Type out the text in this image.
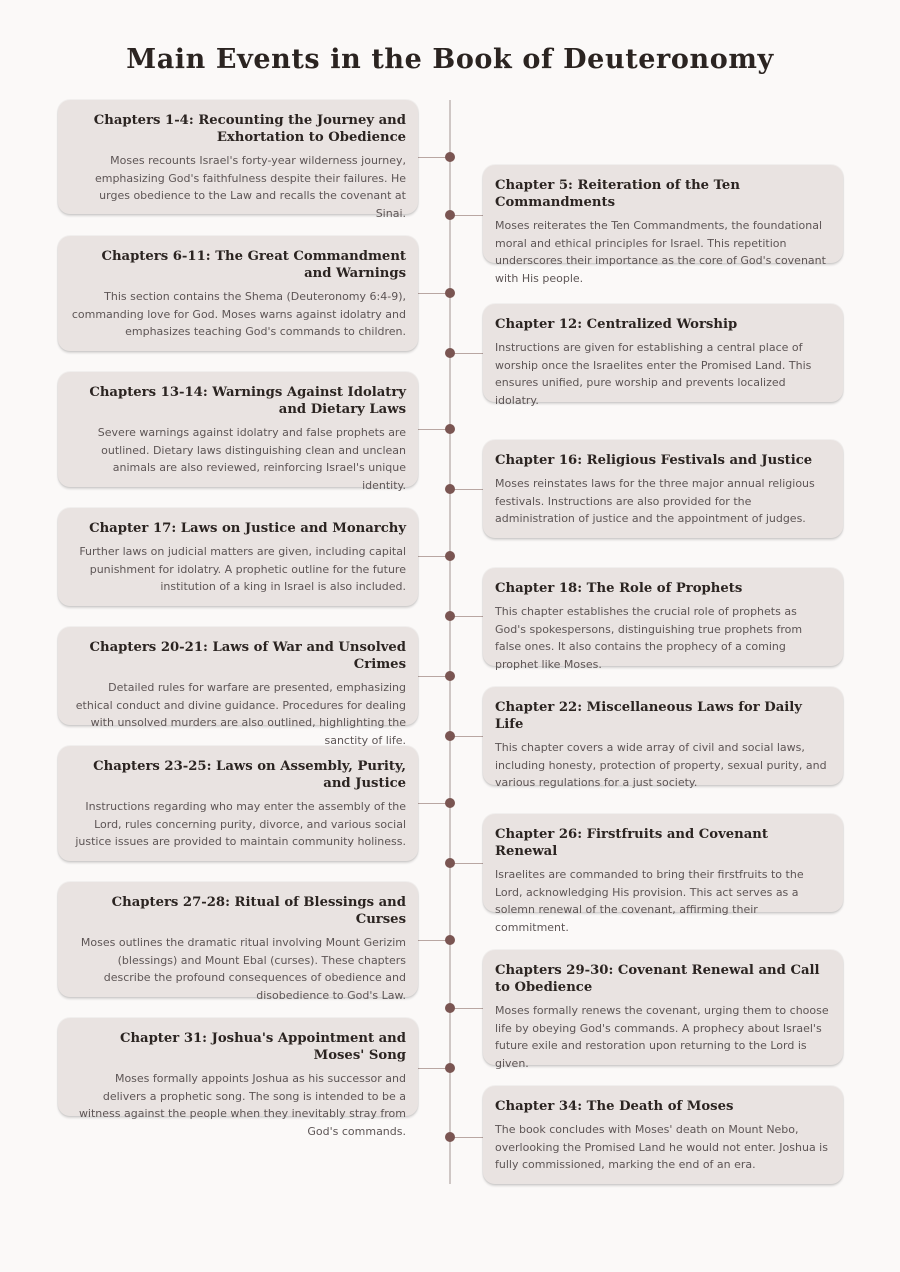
Main Events in the Book of Deuteronomy
Chapters 1-4: Recounting the Journey and Exhortation to Obedience

Moses recounts Israel's forty-year wilderness journey, emphasizing God's faithfulness despite their failures. He urges obedience to the Law and recalls the covenant at Sinai.

Chapter 5: Reiteration of the Ten Commandments

Moses reiterates the Ten Commandments, the foundational moral and ethical principles for Israel. This repetition underscores their importance as the core of God's covenant with His people.

Chapters 6-11: The Great Commandment and Warnings

This section contains the Shema (Deuteronomy 6:4-9), commanding love for God. Moses warns against idolatry and emphasizes teaching God's commands to children.	Chapter 12: Centralized Worship

Instructions are given for establishing a central place of worship once the Israelites enter the Promised Land. This ensures unified, pure worship and prevents localized idolatry.

Chapters 13-14: Warnings Against Idolatry and Dietary Laws

Severe warnings against idolatry and false prophets are outlined. Dietary laws distinguishing clean and unclean animals are also reviewed, reinforcing Israel's unique identity.

Chapter 16: Religious Festivals and Justice

Moses reinstates laws for the three major annual religious festivals. Instructions are also provided for the administration of justice and the appointment of judges.

Chapter 17: Laws on Justice and Monarchy

Further laws on judicial matters are given, including capital punishment for idolatry. A prophetic outline for the future institution of a king in Israel is also included.	Chapter 18: The Role of Prophets

This chapter establishes the crucial role of prophets as God's spokespersons, distinguishing true prophets from false ones. It also contains the prophecy of a coming prophet like Moses.

Chapters 20-21: Laws of War and Unsolved Crimes

Detailed rules for warfare are presented, emphasizing ethical conduct and divine guidance. Procedures for dealing with unsolved murders are also outlined, highlighting the sanctity of life.

Chapter 22: Miscellaneous Laws for Daily Life

This chapter covers a wide array of civil and social laws, including honesty, protection of property, sexual purity, and various regulations for a just society.

Chapters 23-25: Laws on Assembly, Purity, and Justice

Instructions regarding who may enter the assembly of the Lord, rules concerning purity, divorce, and various social justice issues are provided to maintain community holiness.	Chapter 26: Firstfruits and Covenant Renewal

Israelites are commanded to bring their firstfruits to the Lord, acknowledging His provision. This act serves as a solemn renewal of the covenant, affirming their commitment.

Chapters 27-28: Ritual of Blessings and Curses

Moses outlines the dramatic ritual involving Mount Gerizim (blessings) and Mount Ebal (curses). These chapters describe the profound consequences of obedience and disobedience to God's Law.

Chapters 29-30: Covenant Renewal and Call to Obedience

Moses formally renews the covenant, urging them to choose life by obeying God's commands. A prophecy about Israel's future exile and restoration upon returning to the Lord is given.

Chapter 31: Joshua's Appointment and Moses' Song

Moses formally appoints Joshua as his successor and delivers a prophetic song. The song is intended to be a witness against the people when they inevitably stray from God's commands.

Chapter 34: The Death of Moses

The book concludes with Moses' death on Mount Nebo, overlooking the Promised Land he would not enter. Joshua is fully commissioned, marking the end of an era.
